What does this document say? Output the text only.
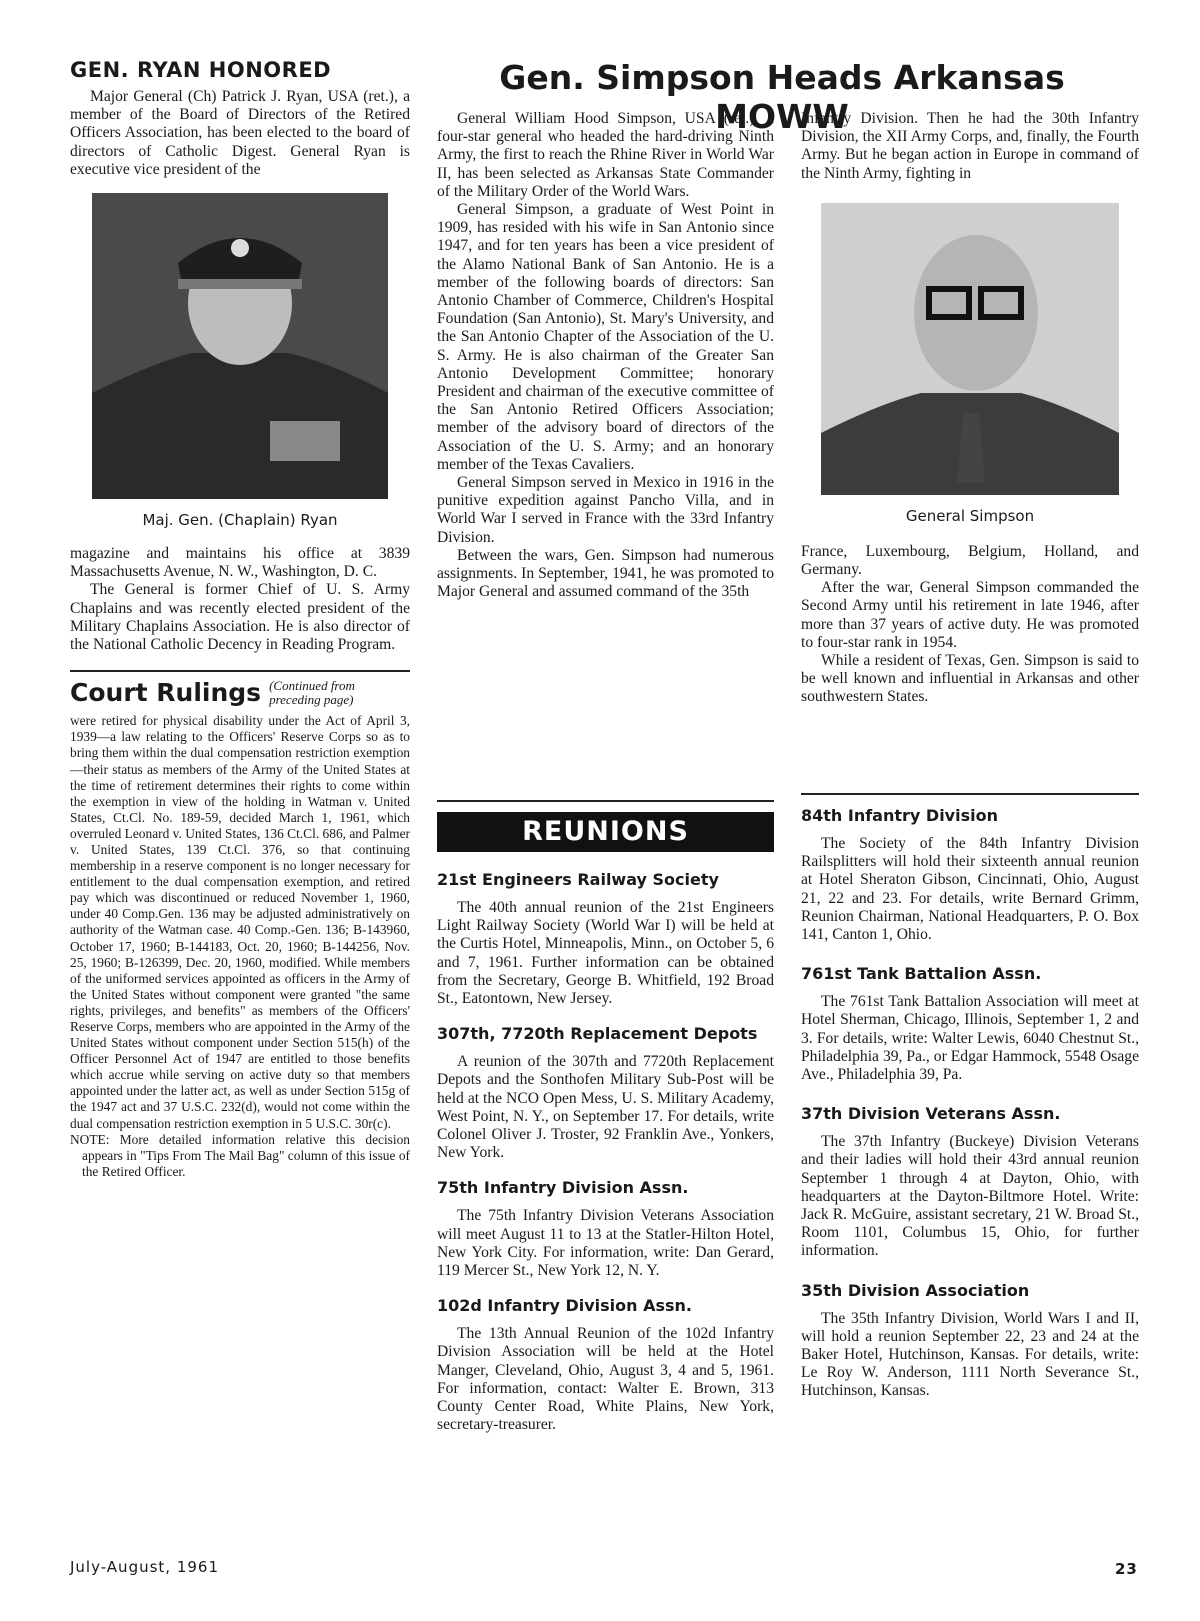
GEN. RYAN HONORED

Major General (Ch) Patrick J. Ryan, USA (ret.), a member of the Board of Directors of the Retired Officers Association, has been elected to the board of directors of Catholic Digest. General Ryan is executive vice president of the

Maj. Gen. (Chaplain) Ryan

magazine and maintains his office at 3839 Massachusetts Avenue, N. W., Washington, D. C.

The General is former Chief of U. S. Army Chaplains and was recently elected president of the Military Chaplains Association. He is also director of the National Catholic Decency in Reading Program.

Court Rulings (Continued from preceding page)

were retired for physical disability under the Act of April 3, 1939—a law relating to the Officers' Reserve Corps so as to bring them within the dual compensation restriction exemption—their status as members of the Army of the United States at the time of retirement determines their rights to come within the exemption in view of the holding in Watman v. United States, Ct.Cl. No. 189-59, decided March 1, 1961, which overruled Leonard v. United States, 136 Ct.Cl. 686, and Palmer v. United States, 139 Ct.Cl. 376, so that continuing membership in a reserve component is no longer necessary for entitlement to the dual compensation exemption, and retired pay which was discontinued or reduced November 1, 1960, under 40 Comp.Gen. 136 may be adjusted administratively on authority of the Watman case. 40 Comp.-Gen. 136; B-143960, October 17, 1960; B-144183, Oct. 20, 1960; B-144256, Nov. 25, 1960; B-126399, Dec. 20, 1960, modified. While members of the uniformed services appointed as officers in the Army of the United States without component were granted "the same rights, privileges, and benefits" as members of the Officers' Reserve Corps, members who are appointed in the Army of the United States without component under Section 515(h) of the Officer Personnel Act of 1947 are entitled to those benefits which accrue while serving on active duty so that members appointed under the latter act, as well as under Section 515g of the 1947 act and 37 U.S.C. 232(d), would not come within the dual compensation restriction exemption in 5 U.S.C. 30r(c).

NOTE: More detailed information relative this decision appears in "Tips From The Mail Bag" column of this issue of the Retired Officer.

Gen. Simpson Heads Arkansas MOWW

General William Hood Simpson, USA (ret.), a four-star general who headed the hard-driving Ninth Army, the first to reach the Rhine River in World War II, has been selected as Arkansas State Commander of the Military Order of the World Wars.

General Simpson, a graduate of West Point in 1909, has resided with his wife in San Antonio since 1947, and for ten years has been a vice president of the Alamo National Bank of San Antonio. He is a member of the following boards of directors: San Antonio Chamber of Commerce, Children's Hospital Foundation (San Antonio), St. Mary's University, and the San Antonio Chapter of the Association of the U. S. Army. He is also chairman of the Greater San Antonio Development Committee; honorary President and chairman of the executive committee of the San Antonio Retired Officers Association; member of the advisory board of directors of the Association of the U. S. Army; and an honorary member of the Texas Cavaliers.

General Simpson served in Mexico in 1916 in the punitive expedition against Pancho Villa, and in World War I served in France with the 33rd Infantry Division.

Between the wars, Gen. Simpson had numerous assignments. In September, 1941, he was promoted to Major General and assumed command of the 35th

Infantry Division. Then he had the 30th Infantry Division, the XII Army Corps, and, finally, the Fourth Army. But he began action in Europe in command of the Ninth Army, fighting in

General Simpson

France, Luxembourg, Belgium, Holland, and Germany.

After the war, General Simpson commanded the Second Army until his retirement in late 1946, after more than 37 years of active duty. He was promoted to four-star rank in 1954.

While a resident of Texas, Gen. Simpson is said to be well known and influential in Arkansas and other southwestern States.

REUNIONS
21st Engineers Railway Society

The 40th annual reunion of the 21st Engineers Light Railway Society (World War I) will be held at the Curtis Hotel, Minneapolis, Minn., on October 5, 6 and 7, 1961. Further information can be obtained from the Secretary, George B. Whitfield, 192 Broad St., Eatontown, New Jersey.

307th, 7720th Replacement Depots

A reunion of the 307th and 7720th Replacement Depots and the Sonthofen Military Sub-Post will be held at the NCO Open Mess, U. S. Military Academy, West Point, N. Y., on September 17. For details, write Colonel Oliver J. Troster, 92 Franklin Ave., Yonkers, New York.

75th Infantry Division Assn.

The 75th Infantry Division Veterans Association will meet August 11 to 13 at the Statler-Hilton Hotel, New York City. For information, write: Dan Gerard, 119 Mercer St., New York 12, N. Y.

102d Infantry Division Assn.

The 13th Annual Reunion of the 102d Infantry Division Association will be held at the Hotel Manger, Cleveland, Ohio, August 3, 4 and 5, 1961. For information, contact: Walter E. Brown, 313 County Center Road, White Plains, New York, secretary-treasurer.

84th Infantry Division

The Society of the 84th Infantry Division Railsplitters will hold their sixteenth annual reunion at Hotel Sheraton Gibson, Cincinnati, Ohio, August 21, 22 and 23. For details, write Bernard Grimm, Reunion Chairman, National Headquarters, P. O. Box 141, Canton 1, Ohio.

761st Tank Battalion Assn.

The 761st Tank Battalion Association will meet at Hotel Sherman, Chicago, Illinois, September 1, 2 and 3. For details, write: Walter Lewis, 6040 Chestnut St., Philadelphia 39, Pa., or Edgar Hammock, 5548 Osage Ave., Philadelphia 39, Pa.

37th Division Veterans Assn.

The 37th Infantry (Buckeye) Division Veterans and their ladies will hold their 43rd annual reunion September 1 through 4 at Dayton, Ohio, with headquarters at the Dayton-Biltmore Hotel. Write: Jack R. McGuire, assistant secretary, 21 W. Broad St., Room 1101, Columbus 15, Ohio, for further information.

35th Division Association

The 35th Infantry Division, World Wars I and II, will hold a reunion September 22, 23 and 24 at the Baker Hotel, Hutchinson, Kansas. For details, write: Le Roy W. Anderson, 1111 North Severance St., Hutchinson, Kansas.

July-August, 1961	23
